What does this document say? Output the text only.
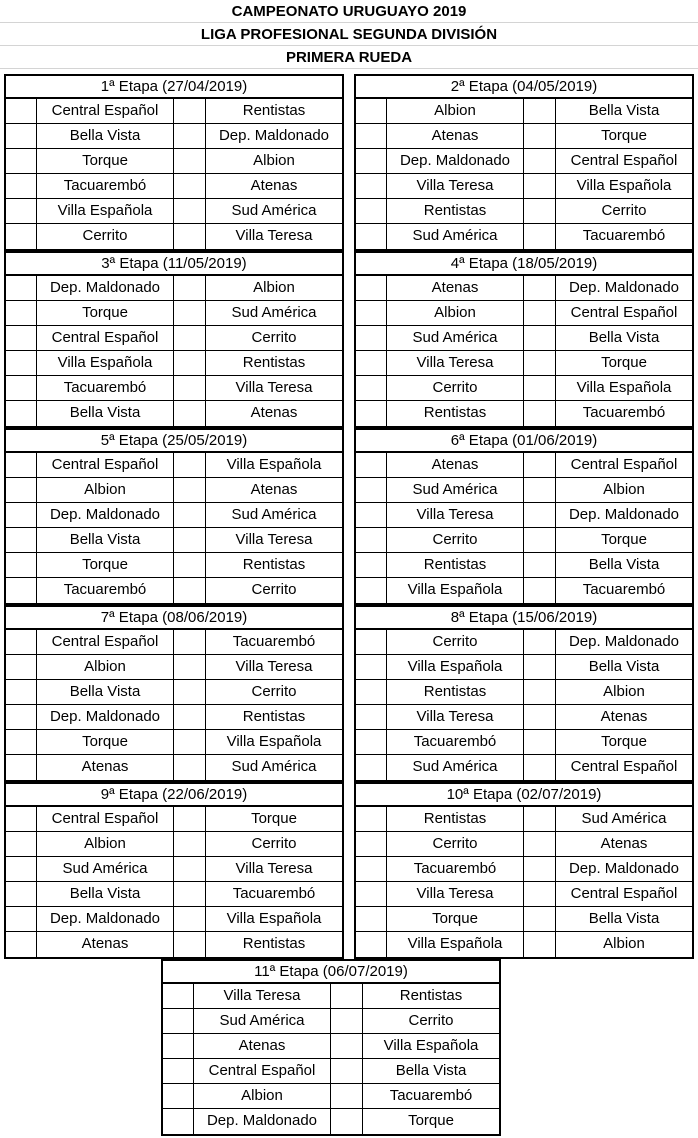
CAMPEONATO URUGUAYO 2019
LIGA PROFESIONAL SEGUNDA DIVISIÓN
PRIMERA RUEDA
1ª Etapa (27/04/2019)
Central Español	Rentistas
Bella Vista	Dep. Maldonado
Torque	Albion
Tacuarembó	Atenas
Villa Española	Sud América
Cerrito	Villa Teresa
2ª Etapa (04/05/2019)
Albion	Bella Vista
Atenas	Torque
Dep. Maldonado	Central Español
Villa Teresa	Villa Española
Rentistas	Cerrito
Sud América	Tacuarembó
3ª Etapa (11/05/2019)
Dep. Maldonado	Albion
Torque	Sud América
Central Español	Cerrito
Villa Española	Rentistas
Tacuarembó	Villa Teresa
Bella Vista	Atenas
4ª Etapa (18/05/2019)
Atenas	Dep. Maldonado
Albion	Central Español
Sud América	Bella Vista
Villa Teresa	Torque
Cerrito	Villa Española
Rentistas	Tacuarembó
5ª Etapa (25/05/2019)
Central Español	Villa Española
Albion	Atenas
Dep. Maldonado	Sud América
Bella Vista	Villa Teresa
Torque	Rentistas
Tacuarembó	Cerrito
6ª Etapa (01/06/2019)
Atenas	Central Español
Sud América	Albion
Villa Teresa	Dep. Maldonado
Cerrito	Torque
Rentistas	Bella Vista
Villa Española	Tacuarembó
7ª Etapa (08/06/2019)
Central Español	Tacuarembó
Albion	Villa Teresa
Bella Vista	Cerrito
Dep. Maldonado	Rentistas
Torque	Villa Española
Atenas	Sud América
8ª Etapa (15/06/2019)
Cerrito	Dep. Maldonado
Villa Española	Bella Vista
Rentistas	Albion
Villa Teresa	Atenas
Tacuarembó	Torque
Sud América	Central Español
9ª Etapa (22/06/2019)
Central Español	Torque
Albion	Cerrito
Sud América	Villa Teresa
Bella Vista	Tacuarembó
Dep. Maldonado	Villa Española
Atenas	Rentistas
10ª Etapa (02/07/2019)
Rentistas	Sud América
Cerrito	Atenas
Tacuarembó	Dep. Maldonado
Villa Teresa	Central Español
Torque	Bella Vista
Villa Española	Albion
11ª Etapa (06/07/2019)
Villa Teresa	Rentistas
Sud América	Cerrito
Atenas	Villa Española
Central Español	Bella Vista
Albion	Tacuarembó
Dep. Maldonado	Torque
